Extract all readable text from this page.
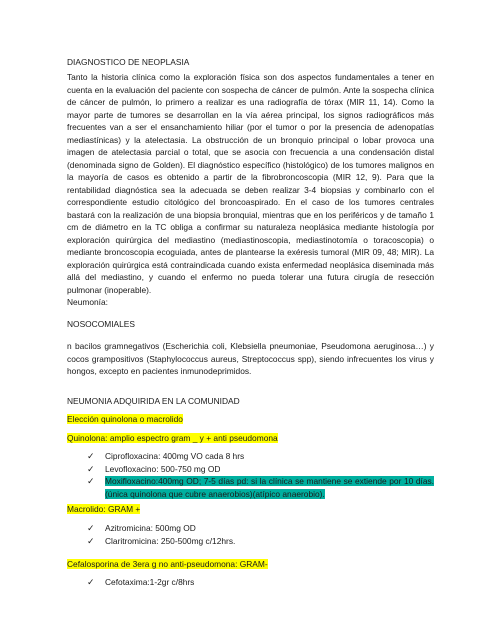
DIAGNOSTICO DE NEOPLASIA
Tanto la historia clínica como la exploración física son dos aspectos fundamentales a tener en cuenta en la evaluación del paciente con sospecha de cáncer de pulmón. Ante la sospecha clínica de cáncer de pulmón, lo primero a realizar es una radiografía de tórax (MIR 11, 14). Como la mayor parte de tumores se desarrollan en la vía aérea principal, los signos radiográficos más frecuentes van a ser el ensanchamiento hiliar (por el tumor o por la presencia de adenopatías mediastínicas) y la atelectasia. La obstrucción de un bronquio principal o lobar provoca una imagen de atelectasia parcial o total, que se asocia con frecuencia a una condensación distal (denominada signo de Golden). El diagnóstico específico (histológico) de los tumores malignos en la mayoría de casos es obtenido a partir de la fibrobroncoscopia (MIR 12, 9). Para que la rentabilidad diagnóstica sea la adecuada se deben realizar 3-4 biopsias y combinarlo con el correspondiente estudio citológico del broncoaspirado. En el caso de los tumores centrales bastará con la realización de una biopsia bronquial, mientras que en los periféricos y de tamaño 1 cm de diámetro en la TC obliga a confirmar su naturaleza neoplásica mediante histología por exploración quirúrgica del mediastino (mediastinoscopia, mediastinotomía o toracoscopia) o mediante broncoscopia ecoguiada, antes de plantearse la exéresis tumoral (MIR 09, 48; MIR). La exploración quirúrgica está contraindicada cuando exista enfermedad neoplásica diseminada más allá del mediastino, y cuando el enfermo no pueda tolerar una futura cirugía de resección pulmonar (inoperable).
Neumonía:
NOSOCOMIALES
n bacilos gramnegativos (Escherichia coli, Klebsiella pneumoniae, Pseudomona aeruginosa…) y cocos grampositivos (Staphylococcus aureus, Streptococcus spp), siendo infrecuentes los virus y hongos, excepto en pacientes inmunodeprimidos.
NEUMONIA ADQUIRIDA EN LA COMUNIDAD
Elección quinolona o macrolido
Quinolona: amplio espectro gram _ y + anti pseudomona
✓ Ciprofloxacina: 400mg VO cada 8 hrs
✓ Levofloxacino: 500-750 mg OD
✓ Moxifloxacino:400mg OD; 7-5 días pd: si la clínica se mantiene se extiende por 10 días. (única quinolona que cubre anaerobios)(atípico anaerobio).
Macrolido: GRAM +
✓ Azitromicina: 500mg OD
✓ Claritromicina: 250-500mg c/12hrs.
Cefalosporina de 3era g no anti-pseudomona: GRAM-
✓ Cefotaxima:1-2gr c/8hrs
